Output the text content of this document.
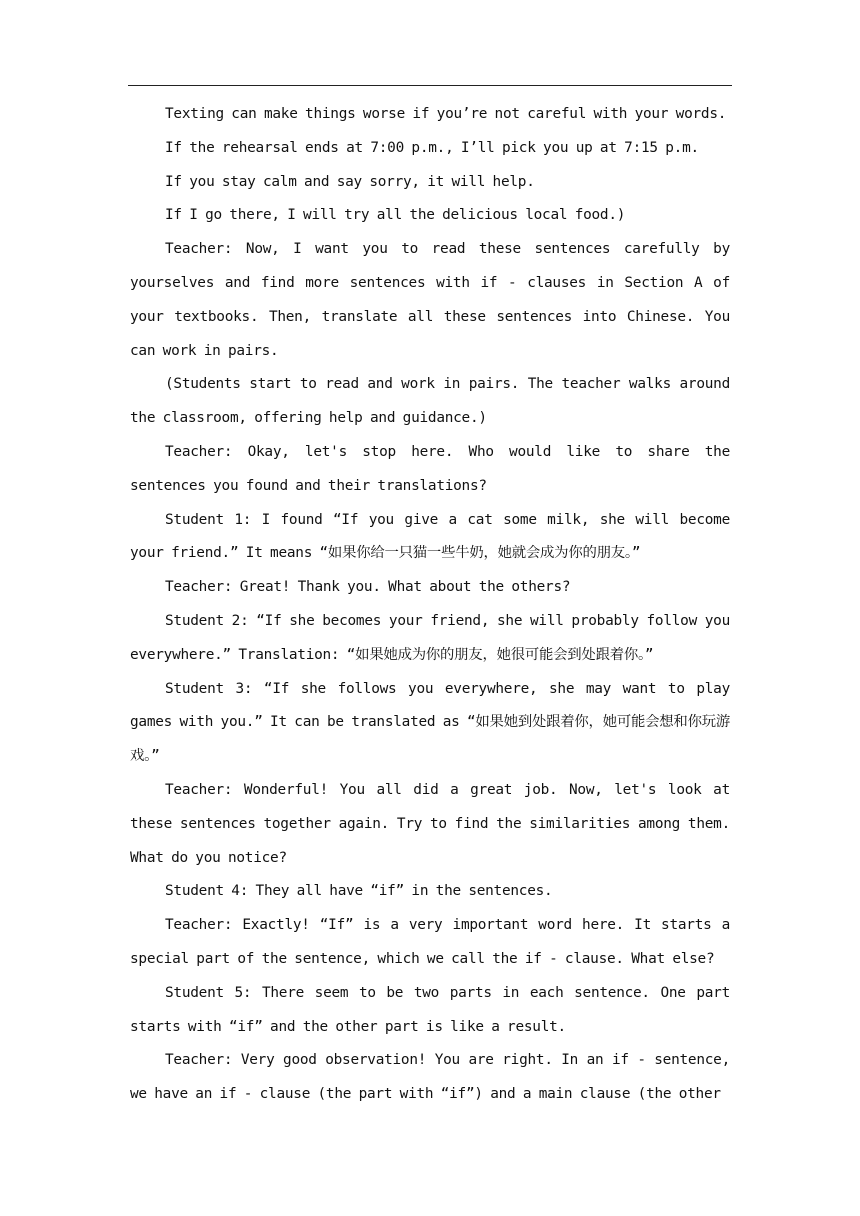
Texting can make things worse if you’re not careful with your words.

If the rehearsal ends at 7:00 p.m., I’ll pick you up at 7:15 p.m.

If you stay calm and say sorry, it will help.

If I go there, I will try all the delicious local food.)

Teacher: Now, I want you to read these sentences carefully by yourselves and find more sentences with if - clauses in Section A of your textbooks. Then, translate all these sentences into Chinese. You can work in pairs.

(Students start to read and work in pairs. The teacher walks around the classroom, offering help and guidance.)

Teacher: Okay, let's stop here. Who would like to share the sentences you found and their translations?

Student 1: I found “If you give a cat some milk, she will become your friend.” It means “如果你给一只猫一些牛奶，她就会成为你的朋友。”

Teacher: Great! Thank you. What about the others?

Student 2: “If she becomes your friend, she will probably follow you everywhere.” Translation: “如果她成为你的朋友，她很可能会到处跟着你。”

Student 3: “If she follows you everywhere, she may want to play games with you.” It can be translated as “如果她到处跟着你，她可能会想和你玩游戏。”

Teacher: Wonderful! You all did a great job. Now, let's look at these sentences together again. Try to find the similarities among them. What do you notice?

Student 4: They all have “if” in the sentences.

Teacher: Exactly! “If” is a very important word here. It starts a special part of the sentence, which we call the if - clause. What else?

Student 5: There seem to be two parts in each sentence. One part starts with “if” and the other part is like a result.

Teacher: Very good observation! You are right. In an if - sentence, we have an if - clause (the part with “if”) and a main clause (the other
